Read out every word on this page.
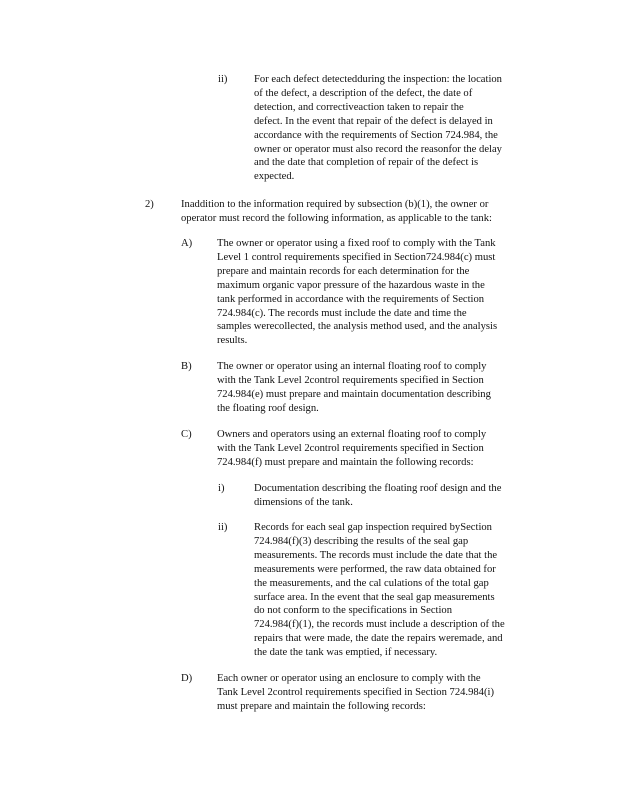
ii)	For each defect detectedduring the inspection: the location
of the defect, a description of the defect, the date of
detection, and correctiveaction taken to repair the
defect. In the event that repair of the defect is delayed in
accordance with the requirements of Section 724.984, the
owner or operator must also record the reasonfor the delay
and the date that completion of repair of the defect is
expected.
2)	Inaddition to the information required by subsection (b)(1), the owner or
operator must record the following information, as applicable to the tank:
A) The owner or operator using a fixed roof to comply with the Tank
Level 1 control requirements specified in Section724.984(c) must
prepare and maintain records for each determination for the
maximum organic vapor pressure of the hazardous waste in the
tank performed in accordance with the requirements of Section
724.984(c). The records must include the date and time the
samples werecollected, the analysis method used, and the analysis
results.
B) The owner or operator using an internal floating roof to comply
with the Tank Level 2control requirements specified in Section
724.984(e) must prepare and maintain documentation describing
the floating roof design.
C) Owners and operators using an external floating roof to comply
with the Tank Level 2control requirements specified in Section
724.984(f) must prepare and maintain the following records:
i)	Documentation describing the floating roof design and the
dimensions of the tank.
ii)	Records for each seal gap inspection required bySection
724.984(f)(3) describing the results of the seal gap
measurements. The records must include the date that the
measurements were performed, the raw data obtained for
the measurements, and the cal culations of the total gap
surface area. In the event that the seal gap measurements
do not conform to the specifications in Section
724.984(f)(1), the records must include a description of the
repairs that were made, the date the repairs weremade, and
the date the tank was emptied, if necessary.
D) Each owner or operator using an enclosure to comply with the
Tank Level 2control requirements specified in Section 724.984(i)
must prepare and maintain the following records:
